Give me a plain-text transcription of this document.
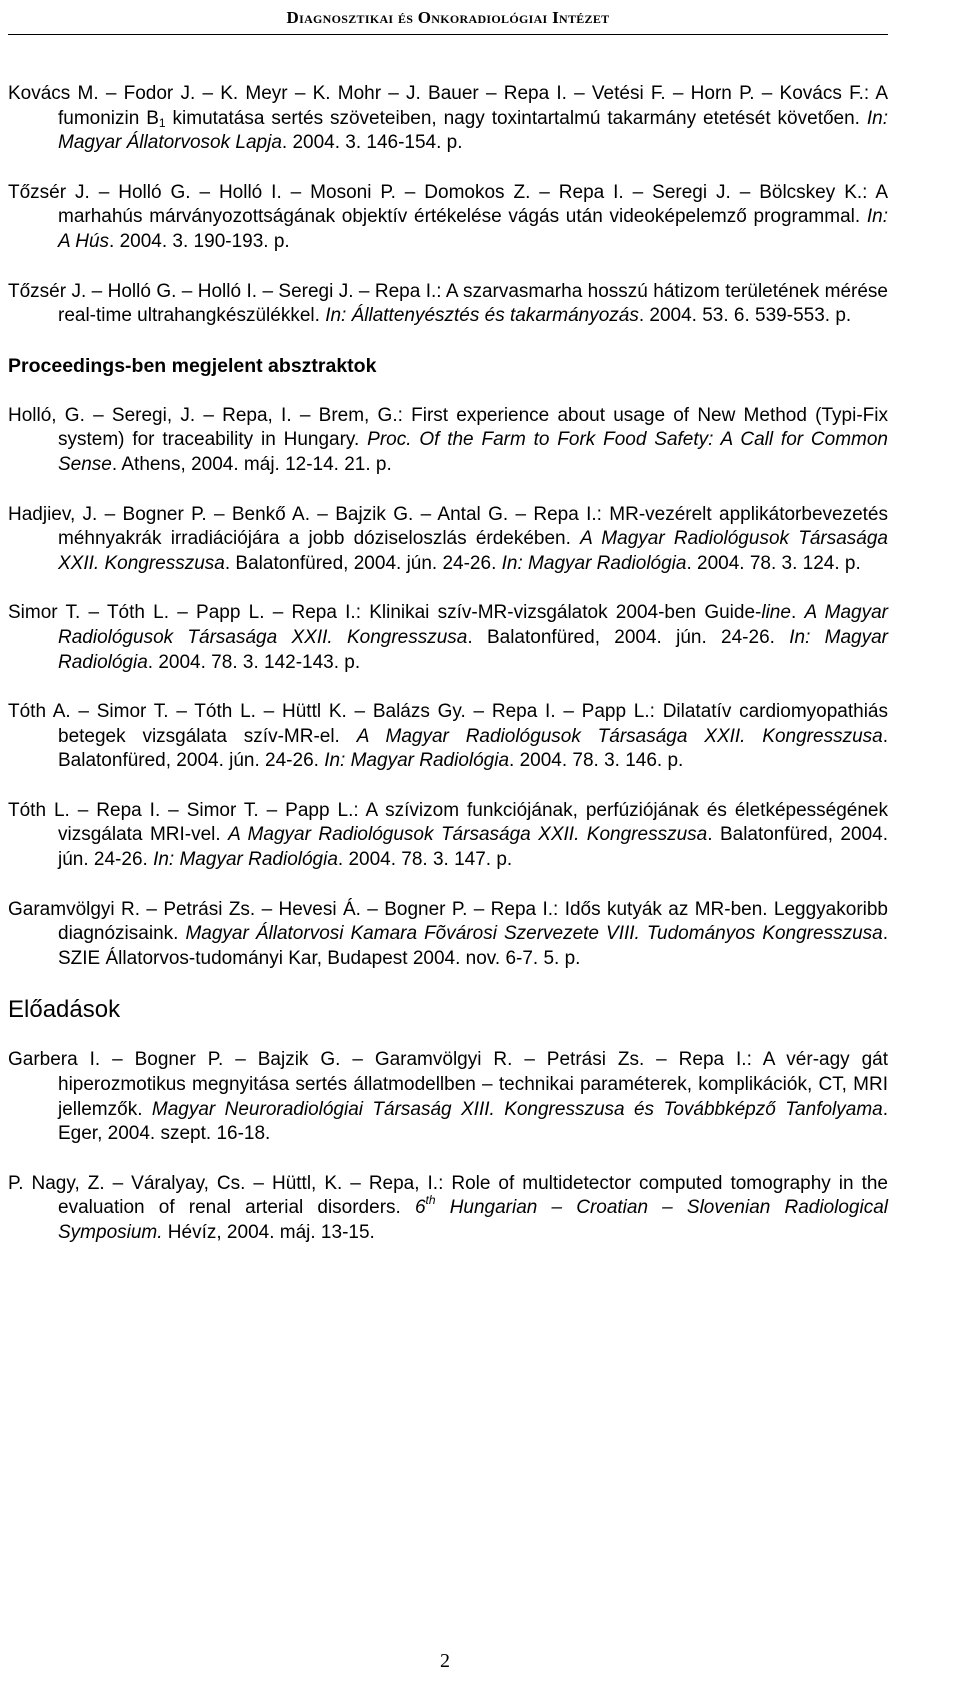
Diagnosztikai és Onkoradiológiai Intézet

Kovács M. – Fodor J. – K. Meyr – K. Mohr – J. Bauer – Repa I. – Vetési F. – Horn P. – Kovács F.: A fumonizin $B_1$ kimutatása sertés szöveteiben, nagy toxintartalmú takarmány etetését követően. In: Magyar Állatorvosok Lapja. 2004. 3. 146-154. p.

Tőzsér J. – Holló G. – Holló I. – Mosoni P. – Domokos Z. – Repa I. – Seregi J. – Bölcskey K.: A marhahús márványozottságának objektív értékelése vágás után videoképelemző programmal. In: A Hús. 2004. 3. 190-193. p.

Tőzsér J. – Holló G. – Holló I. – Seregi J. – Repa I.: A szarvasmarha hosszú hátizom területének mérése real-time ultrahangkészülékkel. In: Állattenyésztés és takarmányozás. 2004. 53. 6. 539-553. p.

Proceedings-ben megjelent absztraktok

Holló, G. – Seregi, J. – Repa, I. – Brem, G.: First experience about usage of New Method (Typi-Fix system) for traceability in Hungary. Proc. Of the Farm to Fork Food Safety: A Call for Common Sense. Athens, 2004. máj. 12-14. 21. p.

Hadjiev, J. – Bogner P. – Benkő A. – Bajzik G. – Antal G. – Repa I.: MR-vezérelt applikátorbevezetés méhnyakrák irradiációjára a jobb dóziseloszlás érdekében. A Magyar Radiológusok Társasága XXII. Kongresszusa. Balatonfüred, 2004. jún. 24-26. In: Magyar Radiológia. 2004. 78. 3. 124. p.

Simor T. – Tóth L. – Papp L. – Repa I.: Klinikai szív-MR-vizsgálatok 2004-ben Guide-line. A Magyar Radiológusok Társasága XXII. Kongresszusa. Balatonfüred, 2004. jún. 24-26. In: Magyar Radiológia. 2004. 78. 3. 142-143. p.

Tóth A. – Simor T. – Tóth L. – Hüttl K. – Balázs Gy. – Repa I. – Papp L.: Dilatatív cardiomyopathiás betegek vizsgálata szív-MR-el. A Magyar Radiológusok Társasága XXII. Kongresszusa. Balatonfüred, 2004. jún. 24-26. In: Magyar Radiológia. 2004. 78. 3. 146. p.

Tóth L. – Repa I. – Simor T. – Papp L.: A szívizom funkciójának, perfúziójának és életképességének vizsgálata MRI-vel. A Magyar Radiológusok Társasága XXII. Kongresszusa. Balatonfüred, 2004. jún. 24-26. In: Magyar Radiológia. 2004. 78. 3. 147. p.

Garamvölgyi R. – Petrási Zs. – Hevesi Á. – Bogner P. – Repa I.: Idős kutyák az MR-ben. Leggyakoribb diagnózisaink. Magyar Állatorvosi Kamara Fõvárosi Szervezete VIII. Tudományos Kongresszusa. SZIE Állatorvos-tudományi Kar, Budapest 2004. nov. 6-7. 5. p.

Előadások

Garbera I. – Bogner P. – Bajzik G. – Garamvölgyi R. – Petrási Zs. – Repa I.: A vér-agy gát hiperozmotikus megnyitása sertés állatmodellben – technikai paraméterek, komplikációk, CT, MRI jellemzők. Magyar Neuroradiológiai Társaság XIII. Kongresszusa és Továbbképző Tanfolyama. Eger, 2004. szept. 16-18.

P. Nagy, Z. – Váralyay, Cs. – Hüttl, K. – Repa, I.: Role of multidetector computed tomography in the evaluation of renal arterial disorders. 6th Hungarian – Croatian – Slovenian Radiological Symposium. Hévíz, 2004. máj. 13-15.

2
